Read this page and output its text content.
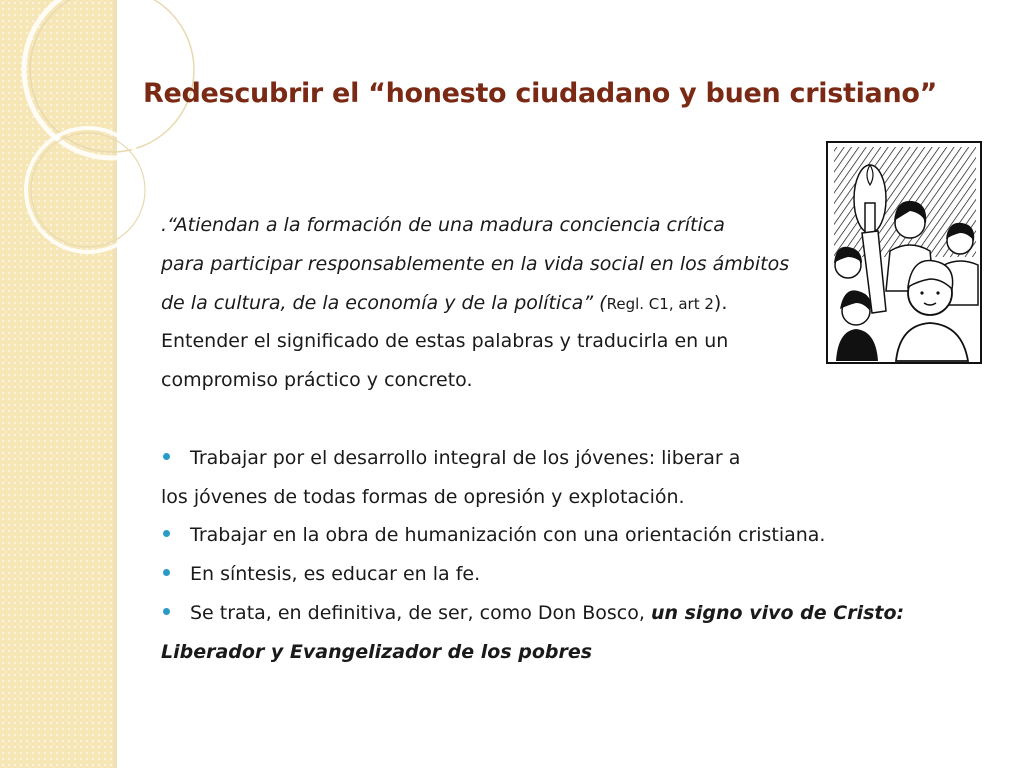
Redescubrir el “honesto ciudadano y buen cristiano”
.“Atiendan a la formación de una madura conciencia crítica
para participar responsablemente en la vida social en los ámbitos
de la cultura, de la economía y de la política” (Regl. C1, art 2).
Entender el significado de estas palabras y traducirla en un
compromiso práctico y concreto.
Trabajar por el desarrollo integral de los jóvenes: liberar a
los jóvenes de todas formas de opresión y explotación.
Trabajar en la obra de humanización con una orientación cristiana.
En síntesis, es educar en la fe.
Se trata, en definitiva, de ser, como Don Bosco, un signo vivo de Cristo:
Liberador y Evangelizador de los pobres
